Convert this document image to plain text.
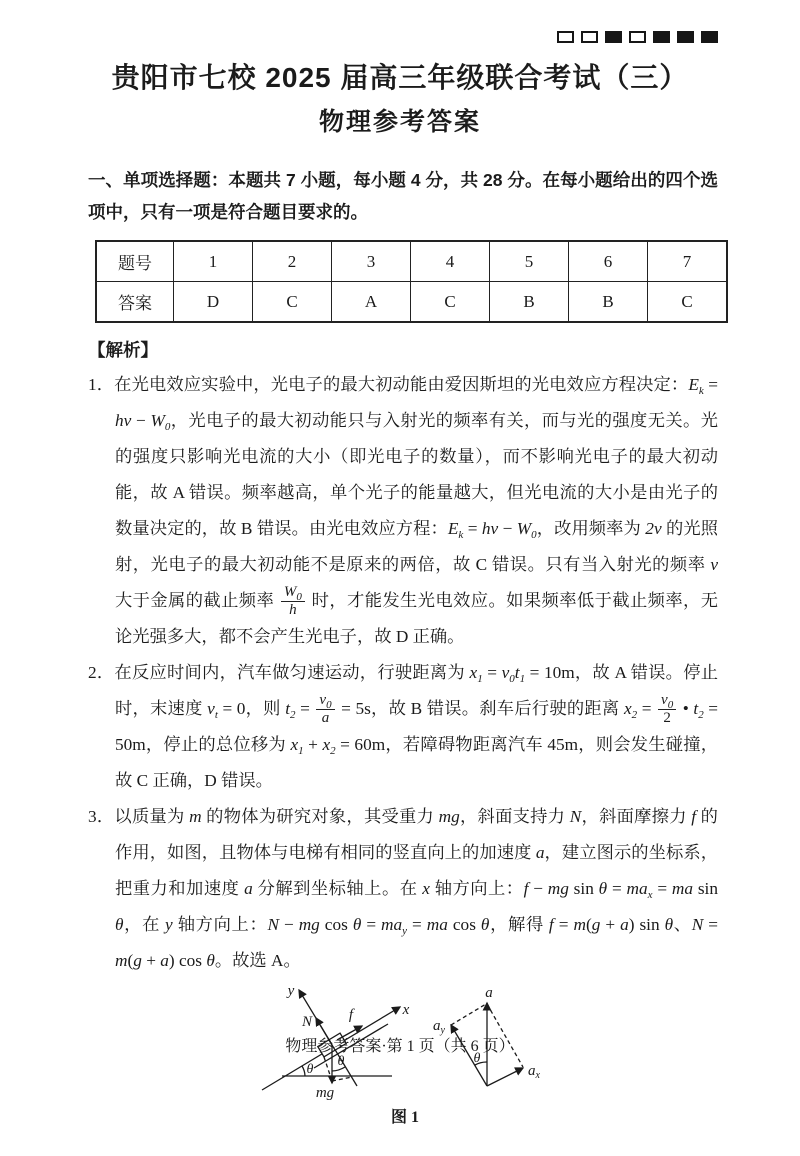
贵阳市七校 2025 届高三年级联合考试（三）
物理参考答案

一、单项选择题：本题共 7 小题，每小题 4 分，共 28 分。在每小题给出的四个选项中，只有一项是符合题目要求的。

题号	1	2	3	4	5	6	7
答案	D	C	A	C	B	B	C
【解析】
1．在光电效应实验中，光电子的最大初动能由爱因斯坦的光电效应方程决定：$E_k = h\nu - W_0$，光电子的最大初动能只与入射光的频率有关，而与光的强度无关。光的强度只影响光电流的大小（即光电子的数量），而不影响光电子的最大初动能，故 A 错误。频率越高，单个光子的能量越大，但光电流的大小是由光子的数量决定的，故 B 错误。由光电效应方程：$E_k = h\nu - W_0$，改用频率为 2ν 的光照射，光电子的最大初动能不是原来的两倍，故 C 错误。只有当入射光的频率 ν 大于金属的截止频率 $\frac{W_0}{h}$ 时，才能发生光电效应。如果频率低于截止频率，无论光强多大，都不会产生光电子，故 D 正确。
2．在反应时间内，汽车做匀速运动，行驶距离为 $x_1 = v_0t_1 = 10m$，故 A 错误。停止时，末速度 $v_t = 0$，则 $t_2 = \frac{v_0}{a} = 5s$，故 B 错误。刹车后行驶的距离 $x_2 = \frac{v_0}{2}$ • $t_2 = 50m$，停止的总位移为 $x_1 + x_2 = 60m$，若障碍物距离汽车 45m，则会发生碰撞，故 C 正确，D 错误。
3．以质量为 m 的物体为研究对象，其受重力 mg，斜面支持力 N，斜面摩擦力 f 的作用，如图，且物体与电梯有相同的竖直向上的加速度 a，建立图示的坐标系，把重力和加速度 a 分解到坐标轴上。在 x 轴方向上：f − mg $\sin \theta = ma_x$ = ma sin θ，在 y 轴方向上：N − mg $\cos \theta = ma_y$ = ma cos θ，解得 f = m(g + a) sin θ、N = m(g + a) cos θ。故选 A。
y
x
N f
mg
θ
θ
a
$a_y$
$a_x$
θ
图 1
物理参考答案·第 1 页（共 6 页）
